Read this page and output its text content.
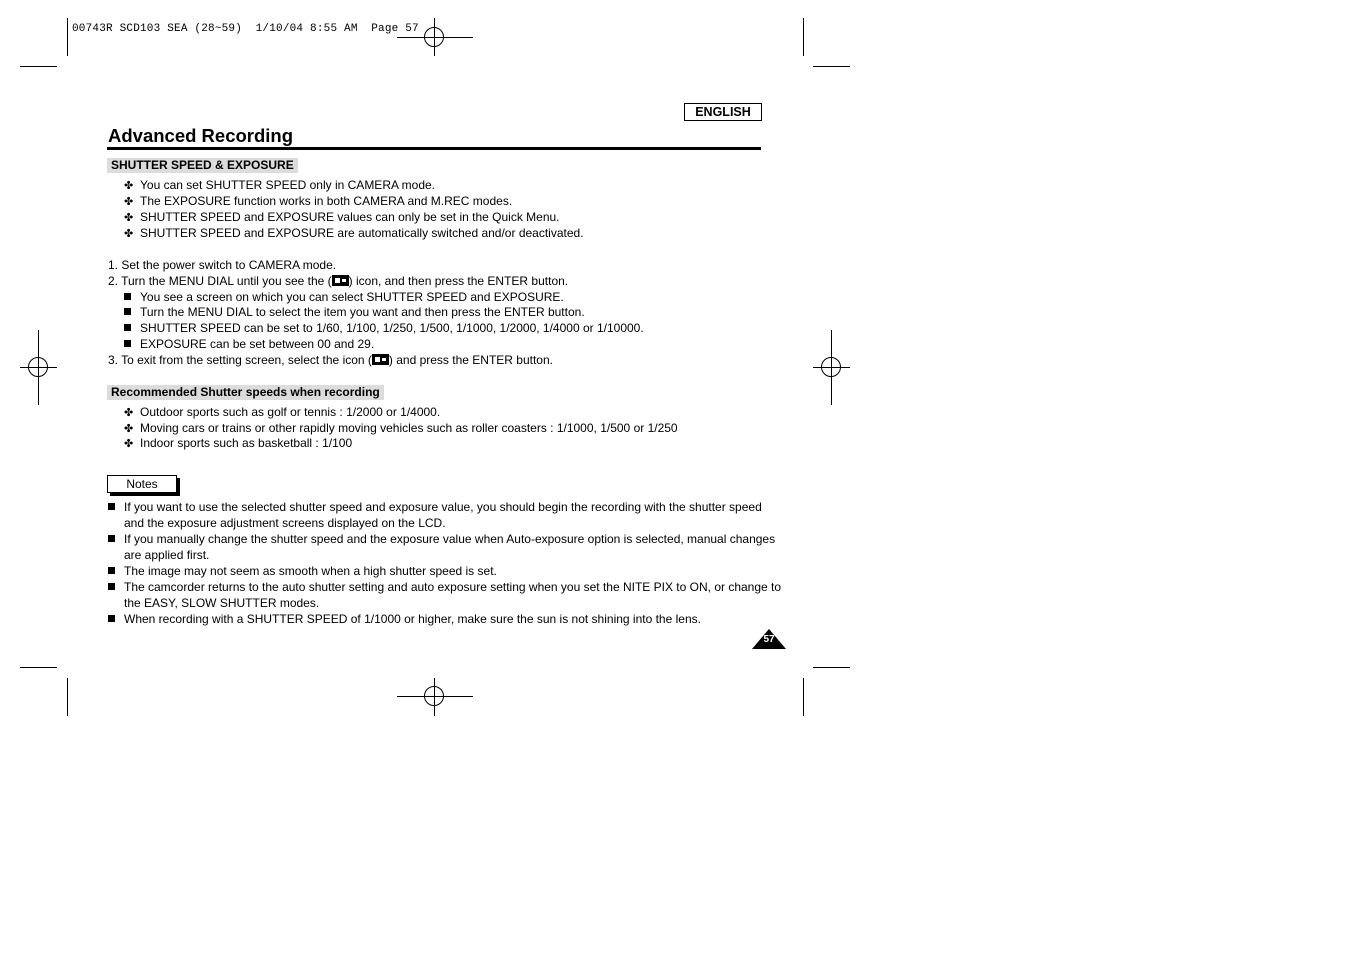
00743R SCD103 SEA (28~59)  1/10/04 8:55 AM  Page 57
ENGLISH
Advanced Recording
SHUTTER SPEED & EXPOSURE
✤ You can set SHUTTER SPEED only in CAMERA mode.
✤ The EXPOSURE function works in both CAMERA and M.REC modes.
✤ SHUTTER SPEED and EXPOSURE values can only be set in the Quick Menu.
✤ SHUTTER SPEED and EXPOSURE are automatically switched and/or deactivated.
1. Set the power switch to CAMERA mode.
2. Turn the MENU DIAL until you see the ( ) icon, and then press the ENTER button.
You see a screen on which you can select SHUTTER SPEED and EXPOSURE.
Turn the MENU DIAL to select the item you want and then press the ENTER button.
SHUTTER SPEED can be set to 1/60, 1/100, 1/250, 1/500, 1/1000, 1/2000, 1/4000 or 1/10000.
EXPOSURE can be set between 00 and 29.
3. To exit from the setting screen, select the icon ( ) and press the ENTER button.
Recommended Shutter speeds when recording
✤ Outdoor sports such as golf or tennis : 1/2000 or 1/4000.
✤ Moving cars or trains or other rapidly moving vehicles such as roller coasters : 1/1000, 1/500 or 1/250
✤ Indoor sports such as basketball : 1/100
Notes
If you want to use the selected shutter speed and exposure value, you should begin the recording with the shutter speed
and the exposure adjustment screens displayed on the LCD.
If you manually change the shutter speed and the exposure value when Auto-exposure option is selected, manual changes
are applied first.
The image may not seem as smooth when a high shutter speed is set.
The camcorder returns to the auto shutter setting and auto exposure setting when you set the NITE PIX to ON, or change to
the EASY, SLOW SHUTTER modes.
When recording with a SHUTTER SPEED of 1/1000 or higher, make sure the sun is not shining into the lens.
57
